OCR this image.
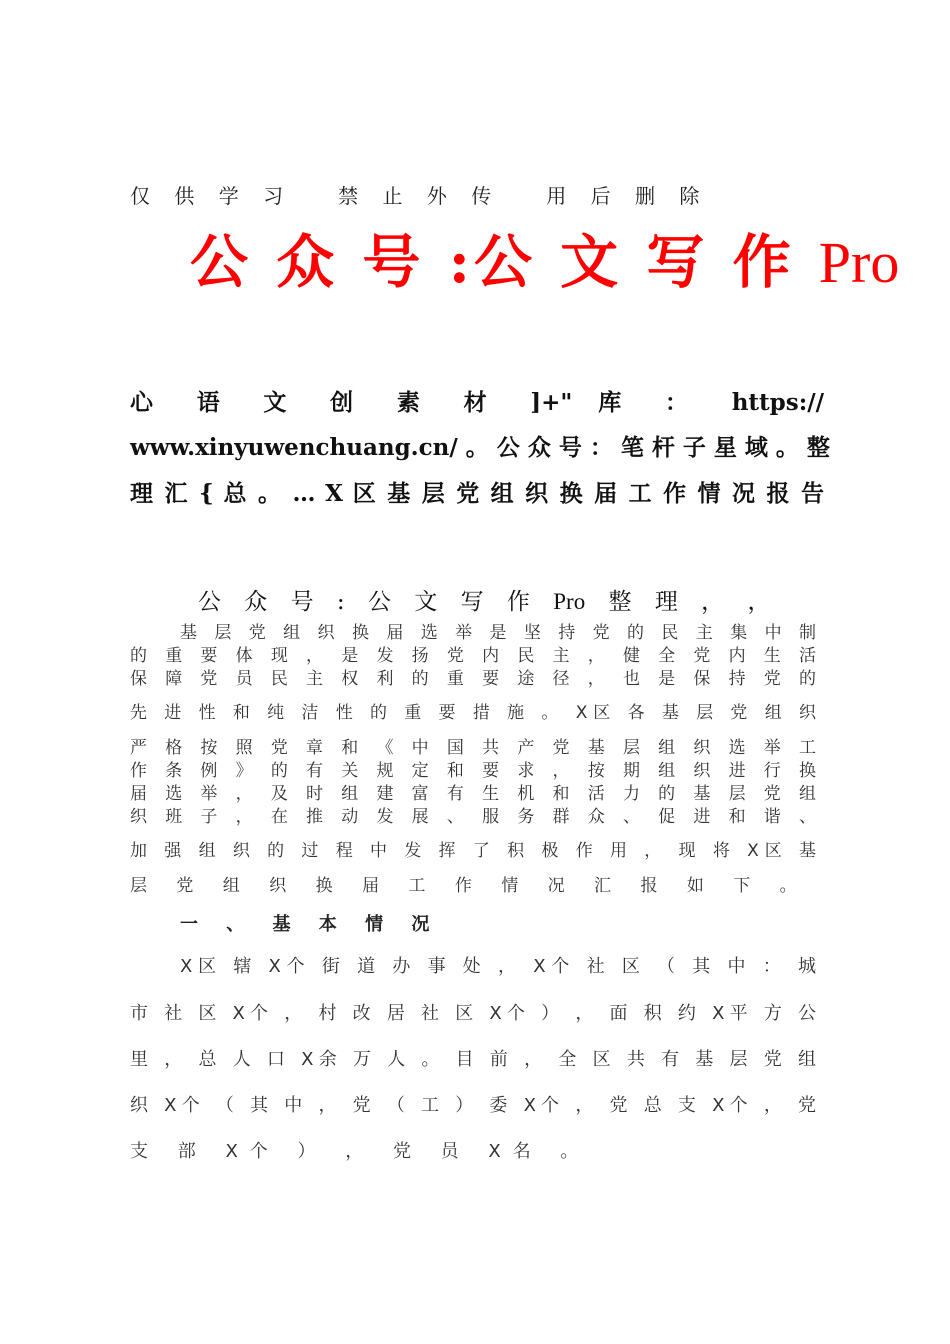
仅 供 学 习   禁 止 外 传   用 后 删 除
公 众 号 :公 文 写 作 Pro
心 语 文 创 素 材 ]+" 库 ： https://
www.xinyuwenchuang.cn/ 。 公 众 号 ： 笔 杆 子 星 域 。 整
理 汇 { 总 。 … X 区 基 层 党 组 织 换 届 工 作 情 况 报 告
公 众 号 : 公 文 写 作 Pro 整 理 ， ，
基 层 党 组 织 换 届 选 举 是 坚 持 党 的 民 主 集 中 制
的 重 要 体 现 ， 是 发 扬 党 内 民 主 ， 健 全 党 内 生 活
保 障 党 员 民 主 权 利 的 重 要 途 径 ， 也 是 保 持 党 的
先 进 性 和 纯 洁 性 的 重 要 措 施 。 X区 各 基 层 党 组 织
严 格 按 照 党 章 和 《 中 国 共 产 党 基 层 组 织 选 举 工
作 条 例 》 的 有 关 规 定 和 要 求 ， 按 期 组 织 进 行 换
届 选 举 ， 及 时 组 建 富 有 生 机 和 活 力 的 基 层 党 组
织 班 子 ， 在 推 动 发 展 、 服 务 群 众 、 促 进 和 谐 、
加 强 组 织 的 过 程 中 发 挥 了 积 极 作 用 ， 现 将 X区 基
层 党 组 织 换 届 工 作 情 况 汇 报 如 下 。
一 、 基 本 情 况
X区 辖 X个 街 道 办 事 处 ， X个 社 区 （ 其 中 ： 城
市 社 区 X个 ， 村 改 居 社 区 X个 ） ， 面 积 约 X平 方 公
里 ， 总 人 口 X余 万 人 。 目 前 ， 全 区 共 有 基 层 党 组
织 X个 （ 其 中 ， 党 （ 工 ） 委 X个 ， 党 总 支 X个 ， 党
支 部 X个 ） ， 党 员 X名 。
